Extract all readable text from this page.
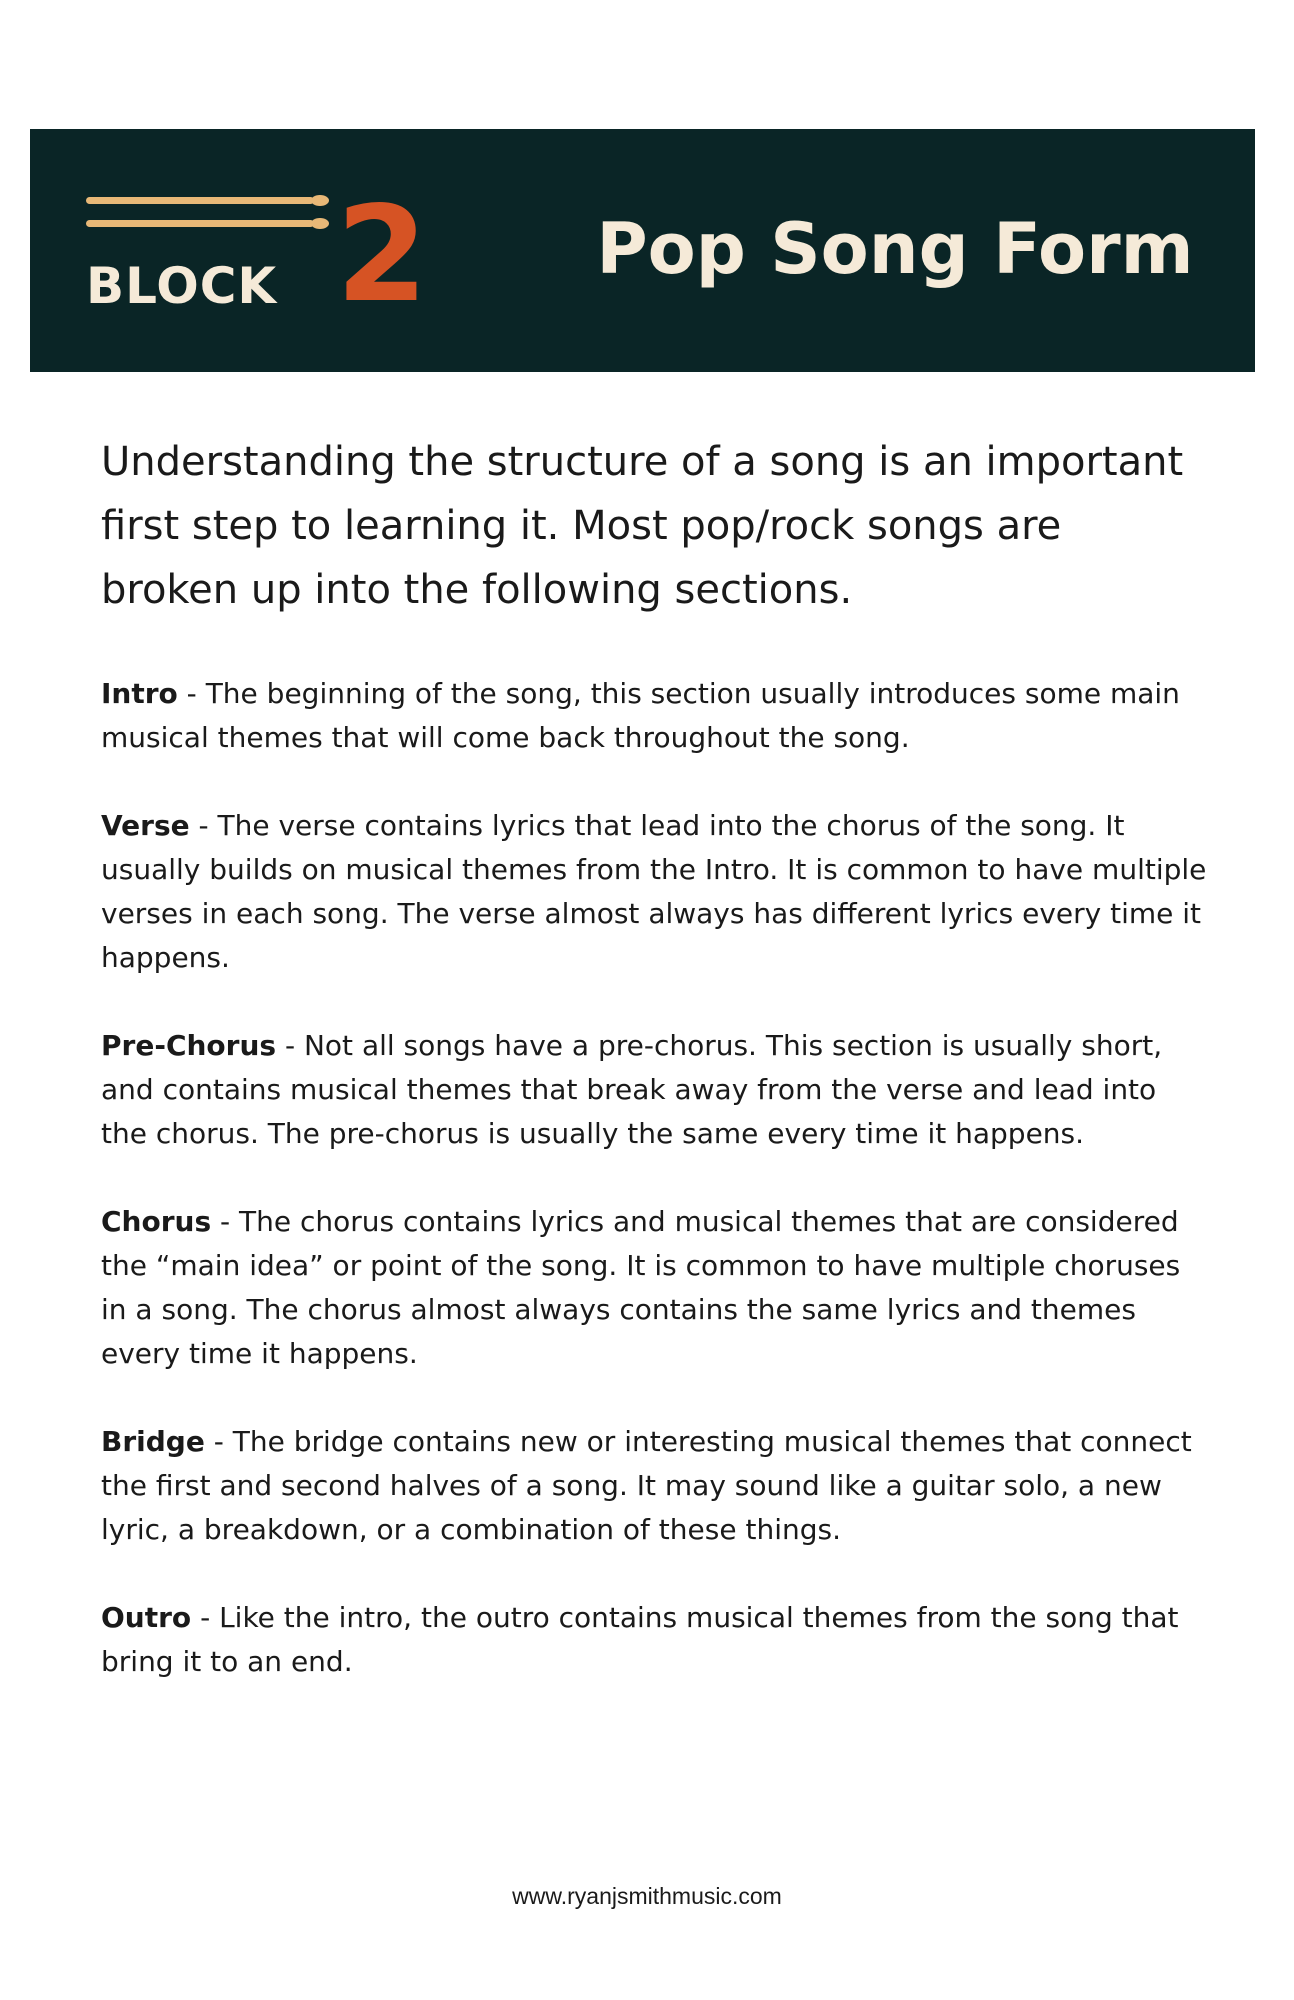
BLOCK 2	Pop Song Form

Understanding the structure of a song is an important first step to learning it. Most pop/rock songs are broken up into the following sections.

Intro - The beginning of the song, this section usually introduces some main musical themes that will come back throughout the song.

Verse - The verse contains lyrics that lead into the chorus of the song. It usually builds on musical themes from the Intro. It is common to have multiple verses in each song. The verse almost always has different lyrics every time it happens.

Pre-Chorus - Not all songs have a pre-chorus. This section is usually short, and contains musical themes that break away from the verse and lead into the chorus. The pre-chorus is usually the same every time it happens.

Chorus - The chorus contains lyrics and musical themes that are considered the “main idea” or point of the song. It is common to have multiple choruses in a song. The chorus almost always contains the same lyrics and themes every time it happens.

Bridge - The bridge contains new or interesting musical themes that connect the first and second halves of a song. It may sound like a guitar solo, a new lyric, a breakdown, or a combination of these things.

Outro - Like the intro, the outro contains musical themes from the song that bring it to an end.

www.ryanjsmithmusic.com
